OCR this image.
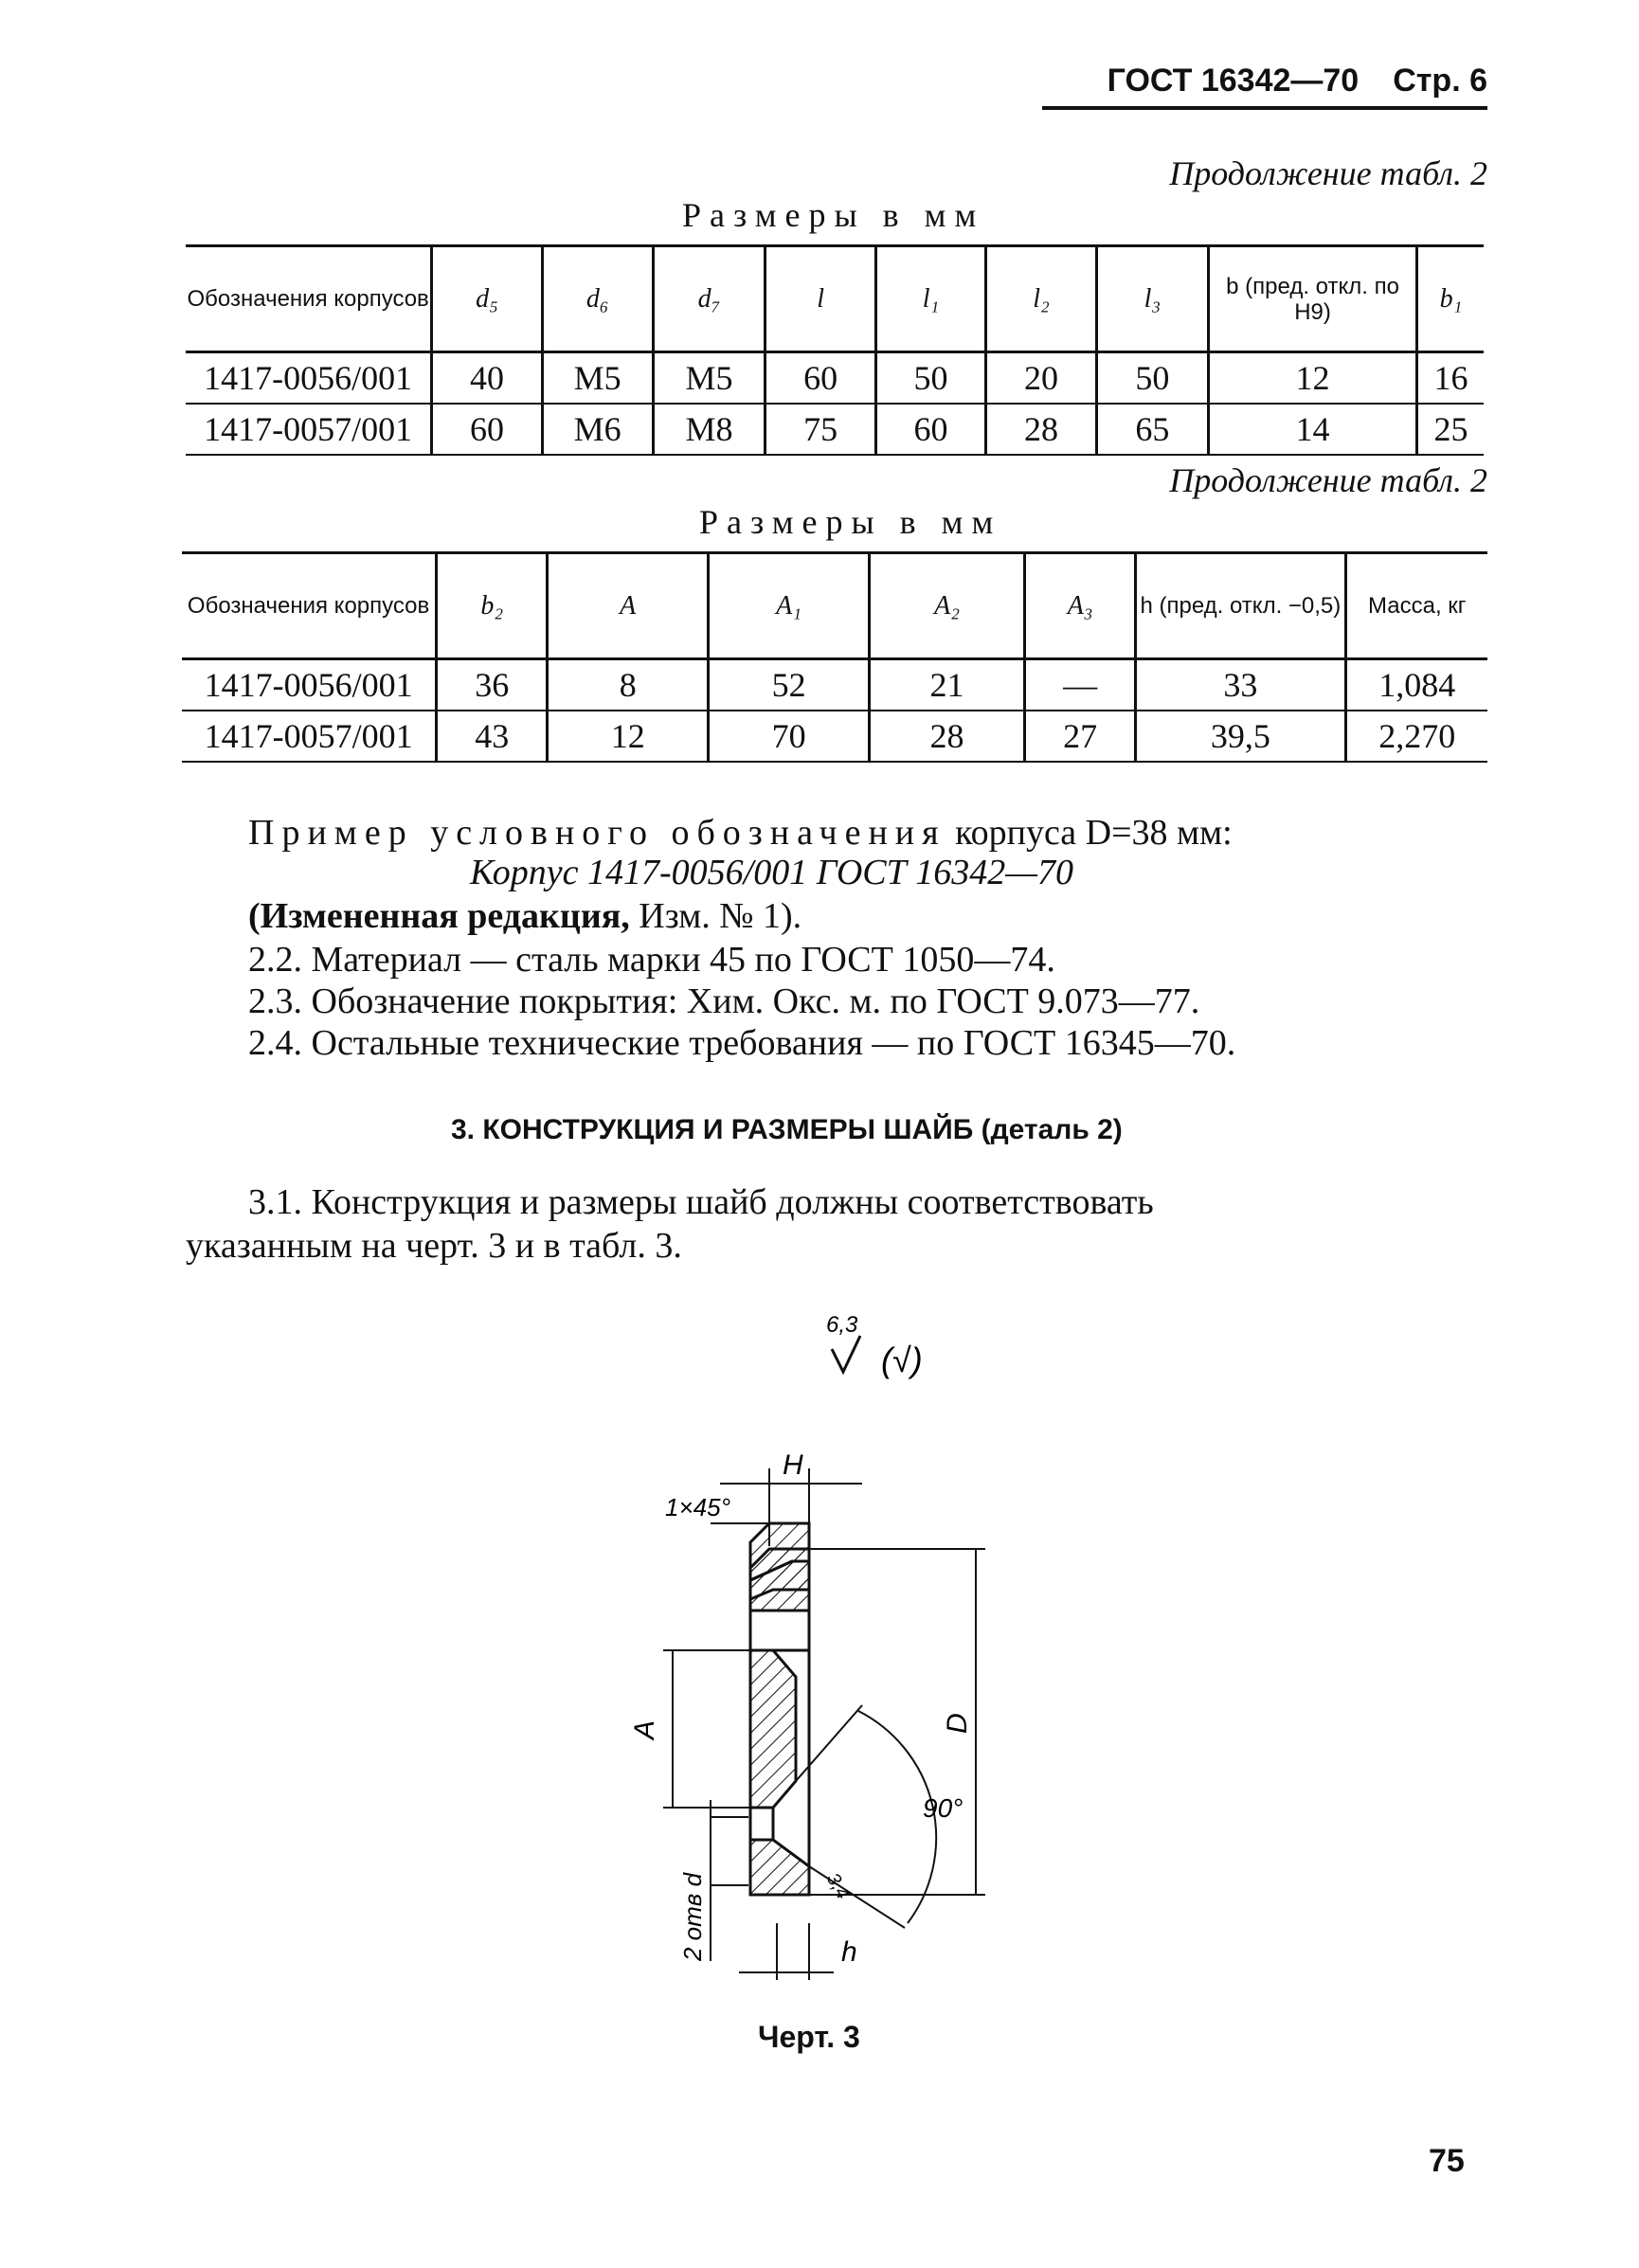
ГОСТ 16342—70 Стр. 6
Продолжение табл. 2
Размеры в мм
Обозначения корпусов	d₅	d₆	d₇	l	l₁	l₂	l₃	b (пред. откл. по H9)	b₁
1417-0056/001	40	M5	M5	60	50	20	50	12	16
1417-0057/001	60	M6	M8	75	60	28	65	14	25
Продолжение табл. 2
Размеры в мм
Обозначения корпусов	b₂	A	A₁	A₂	A₃	h (пред. откл. −0,5)	Масса, кг
1417-0056/001	36	8	52	21	—	33	1,084
1417-0057/001	43	12	70	28	27	39,5	2,270
Пример условного обозначения корпуса D=38 мм:
Корпус 1417-0056/001 ГОСТ 16342—70
(Измененная редакция, Изм. № 1).
2.2. Материал — сталь марки 45 по ГОСТ 1050—74.
2.3. Обозначение покрытия: Хим. Окс. м. по ГОСТ 9.073—77.
2.4. Остальные технические требования — по ГОСТ 16345—70.
3. КОНСТРУКЦИЯ И РАЗМЕРЫ ШАЙБ (деталь 2)
3.1. Конструкция и размеры шайб должны соответствовать
указанным на черт. 3 и в табл. 3.
6,3
(√)
H
1×45°
A	D
90°
2 отв d	3,4
h
Черт. 3
75
